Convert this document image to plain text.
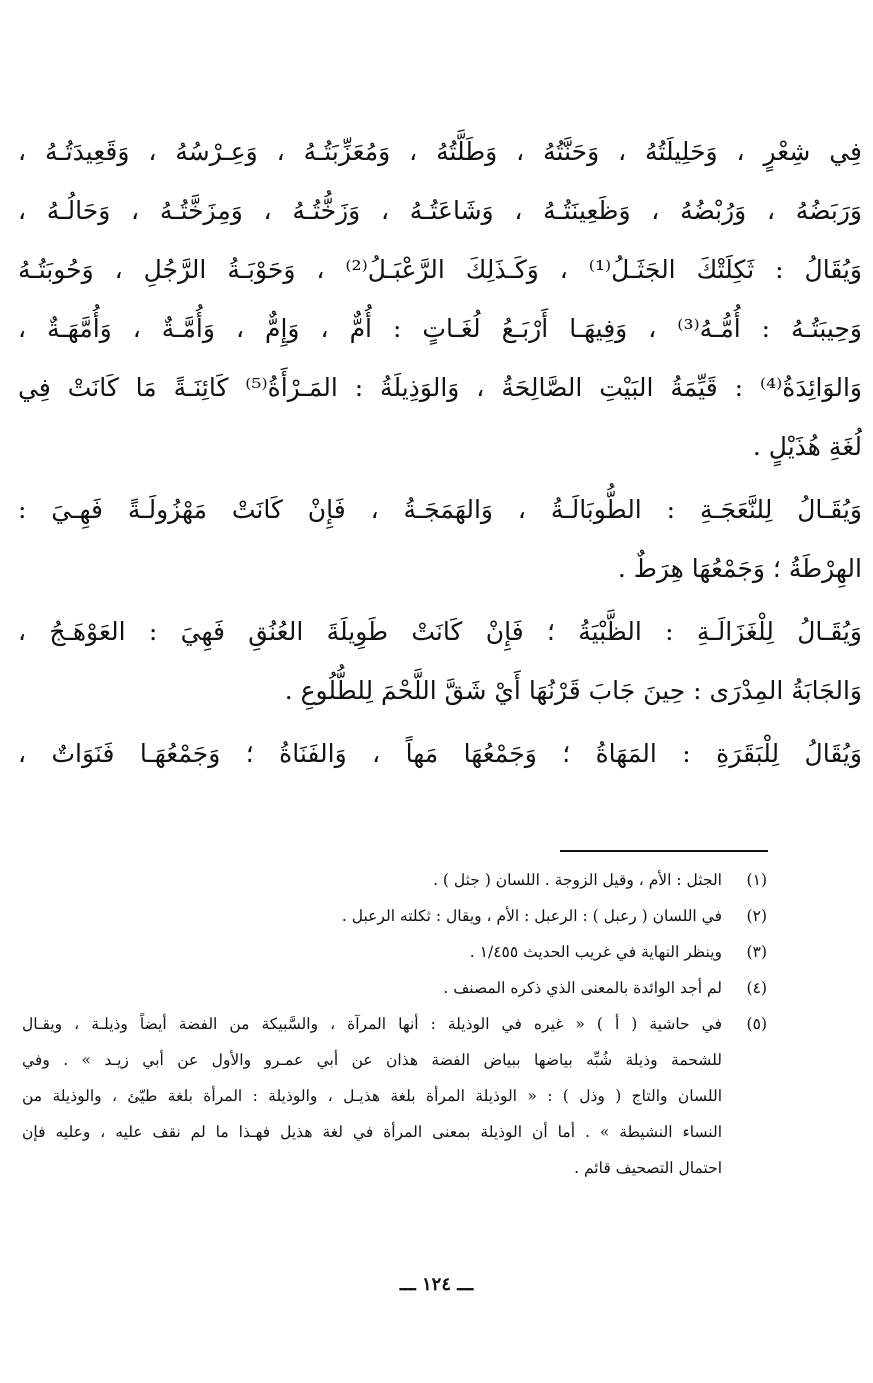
فِي شِعْرٍ ، وَحَلِيلَتُهُ ، وَحَنَّتُهُ ، وَطَلَّتُهُ ، وَمُعَزِّبَتُـهُ ، وَعِـرْسُهُ ، وَقَعِيدَتُـهُ ،
وَرَبَضُهُ ، وَرُبْضُهُ ، وَظَعِينَتُـهُ ، وَشَاعَتُـهُ ، وَزَخُّتُـهُ ، وَمِزَخَّتُـهُ ، وَحَالُـهُ ،
وَيُقَالُ : ثَكِلَتْكَ الجَثَـلُ⁽¹⁾ ، وَكَـذَلِكَ الرَّعْبَـلُ⁽²⁾ ، وَحَوْبَـةُ الرَّجُلِ ، وَحُوبَتُـهُ
وَحِيبَتُـهُ : أُمُّـهُ⁽³⁾ ، وَفِيهَـا أَرْبَـعُ لُغَـاتٍ : أُمٌّ ، وَإِمٌّ ، وَأُمَّـةٌ ، وَأُمَّهَـةٌ ،
وَالوَائِدَةُ⁽⁴⁾ : قَيِّمَةُ البَيْتِ الصَّالِحَةُ ، وَالوَذِيلَةُ : المَـرْأَةُ⁽⁵⁾ كَائِنَـةً مَا كَانَتْ فِي
لُغَةِ هُذَيْلٍ .
وَيُقَـالُ لِلنَّعَجَـةِ : الطُّوبَالَـةُ ، وَالهَمَجَـةُ ، فَإِنْ كَانَتْ مَهْزُولَـةً فَهِـيَ :
الهِرْطَةُ ؛ وَجَمْعُهَا هِرَطٌ .
وَيُقَـالُ لِلْغَزَالَـةِ : الظَّبْيَةُ ؛ فَإِنْ كَانَتْ طَوِيلَةَ العُنُقِ فَهِيَ : العَوْهَـجُ ،
وَالجَابَةُ المِدْرَى : حِينَ جَابَ قَرْنُهَا أَيْ شَقَّ اللَّحْمَ لِلطُّلُوعِ .
وَيُقَالُ لِلْبَقَرَةِ : المَهَاةُ ؛ وَجَمْعُهَا مَهاً ، وَالفَنَاةُ ؛ وَجَمْعُهَـا فَنَوَاتٌ ،
(١)
الجثل : الأم ، وقيل الزوجة . اللسان ( جثل ) .
(٢)
في اللسان ( رعبل ) : الرعبل : الأم ، ويقال : ثكلته الرعبل .
(٣)
وينظر النهاية في غريب الحديث ١/٤٥٥ .
(٤)
لم أجد الوائدة بالمعنى الذي ذكره المصنف .
(٥)
في حاشية ( أ ) « غيره في الوذيلة : أنها المرآة ، والسَّبيكة من الفضة أيضاً وذيلـة ، ويقـال
للشحمة وذيلة شُبِّه بياضها ببياض الفضة هذان عن أبي عمـرو والأول عن أبي زيـد » . وفي
اللسان والتاج ( وذل ) : « الوذيلة المرأة بلغة هذيـل ، والوذيلة : المرأة بلغة طيّئ ، والوذيلة من
النساء النشيطة » . أما أن الوذيلة بمعنى المرأة في لغة هذيل فهـذا ما لم نقف عليه ، وعليه فإن
احتمال التصحيف قائم .
ـــ ١٢٤ ـــ
